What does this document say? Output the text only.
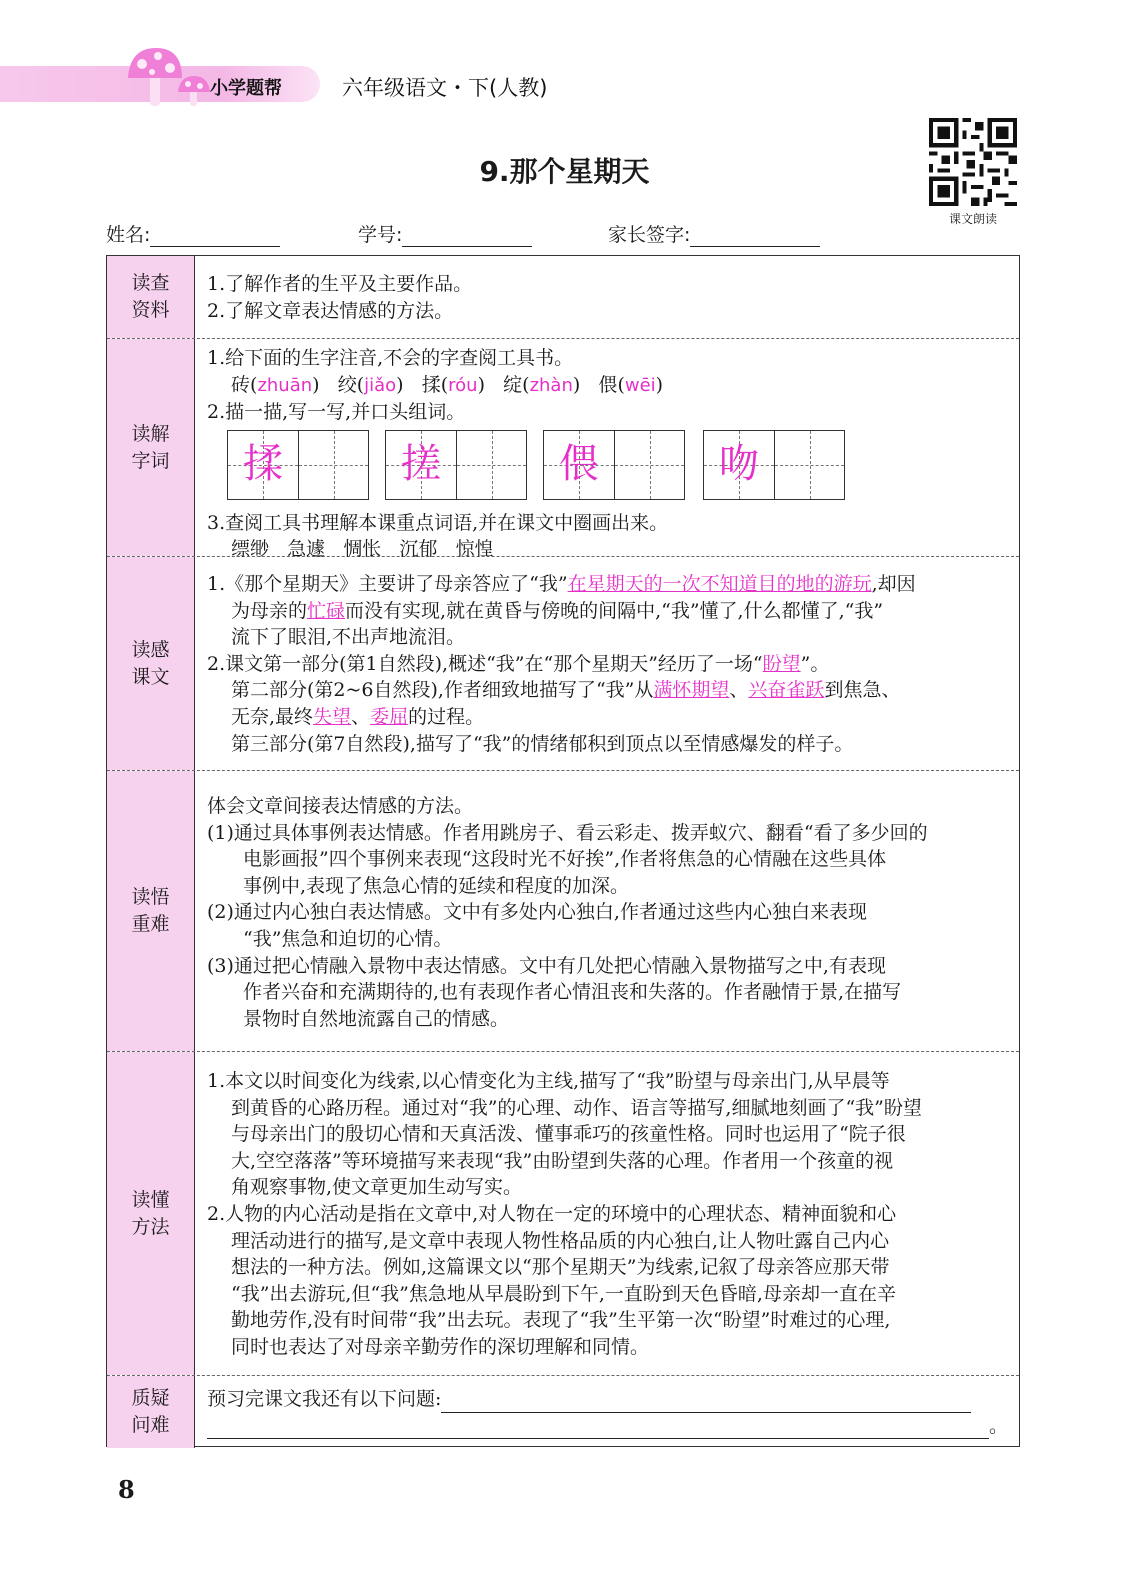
小学题帮	六年级语文・下(人教)
9.那个星期天
课文朗读
姓名:	学号:	家长签字:
读查
资料
1.了解作者的生平及主要作品。
2.了解文章表达情感的方法。
读解
字词
1.给下面的生字注音,不会的字查阅工具书。
砖(zhuān) 绞(jiǎo) 揉(róu) 绽(zhàn) 偎(wēi)
2.描一描,写一写,并口头组词。
揉	搓	偎	吻
3.查阅工具书理解本课重点词语,并在课文中圈画出来。
缥缈 急遽 惆怅 沉郁 惊惶
读感
课文
1.《那个星期天》主要讲了母亲答应了“我”在星期天的一次不知道目的地的游玩,却因
为母亲的忙碌而没有实现,就在黄昏与傍晚的间隔中,“我”懂了,什么都懂了,“我”
流下了眼泪,不出声地流泪。
2.课文第一部分(第1自然段),概述“我”在“那个星期天”经历了一场“盼望”。
第二部分(第2~6自然段),作者细致地描写了“我”从满怀期望、兴奋雀跃到焦急、
无奈,最终失望、委屈的过程。
第三部分(第7自然段),描写了“我”的情绪郁积到顶点以至情感爆发的样子。
读悟
重难
体会文章间接表达情感的方法。
(1)通过具体事例表达情感。作者用跳房子、看云彩走、拨弄蚁穴、翻看“看了多少回的
电影画报”四个事例来表现“这段时光不好挨”,作者将焦急的心情融在这些具体
事例中,表现了焦急心情的延续和程度的加深。
(2)通过内心独白表达情感。文中有多处内心独白,作者通过这些内心独白来表现
“我”焦急和迫切的心情。
(3)通过把心情融入景物中表达情感。文中有几处把心情融入景物描写之中,有表现
作者兴奋和充满期待的,也有表现作者心情沮丧和失落的。作者融情于景,在描写
景物时自然地流露自己的情感。
读懂
方法
1.本文以时间变化为线索,以心情变化为主线,描写了“我”盼望与母亲出门,从早晨等
到黄昏的心路历程。通过对“我”的心理、动作、语言等描写,细腻地刻画了“我”盼望
与母亲出门的殷切心情和天真活泼、懂事乖巧的孩童性格。同时也运用了“院子很
大,空空落落”等环境描写来表现“我”由盼望到失落的心理。作者用一个孩童的视
角观察事物,使文章更加生动写实。
2.人物的内心活动是指在文章中,对人物在一定的环境中的心理状态、精神面貌和心
理活动进行的描写,是文章中表现人物性格品质的内心独白,让人物吐露自己内心
想法的一种方法。例如,这篇课文以“那个星期天”为线索,记叙了母亲答应那天带
“我”出去游玩,但“我”焦急地从早晨盼到下午,一直盼到天色昏暗,母亲却一直在辛
勤地劳作,没有时间带“我”出去玩。表现了“我”生平第一次“盼望”时难过的心理,
同时也表达了对母亲辛勤劳作的深切理解和同情。
质疑
问难
预习完课文我还有以下问题:
。
8
